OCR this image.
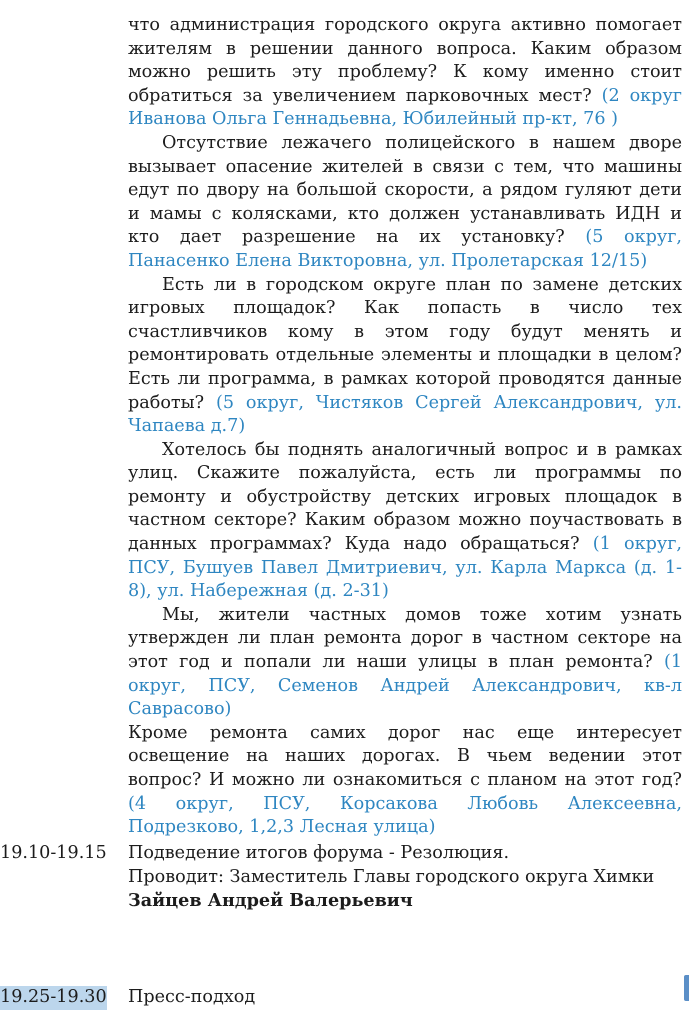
что администрация городского округа активно помогает жителям в решении данного вопроса. Каким образом можно решить эту проблему? К кому именно стоит обратиться за увеличением парковочных мест? (2 округ Иванова Ольга Геннадьевна, Юбилейный пр-кт, 76 )

Отсутствие лежачего полицейского в нашем дворе вызывает опасение жителей в связи с тем, что машины едут по двору на большой скорости, а рядом гуляют дети и мамы с колясками, кто должен устанавливать ИДН и кто дает разрешение на их установку? (5 округ, Панасенко Елена Викторовна, ул. Пролетарская 12/15)

Есть ли в городском округе план по замене детских игровых площадок? Как попасть в число тех счастливчиков кому в этом году будут менять и ремонтировать отдельные элементы и площадки в целом? Есть ли программа, в рамках которой проводятся данные работы? (5 округ, Чистяков Сергей Александрович, ул. Чапаева д.7)

Хотелось бы поднять аналогичный вопрос и в рамках улиц. Скажите пожалуйста, есть ли программы по ремонту и обустройству детских игровых площадок в частном секторе? Каким образом можно поучаствовать в данных программах? Куда надо обращаться? (1 округ, ПСУ, Бушуев Павел Дмитриевич, ул. Карла Маркса (д. 1-8), ул. Набережная (д. 2-31)

Мы, жители частных домов тоже хотим узнать утвержден ли план ремонта дорог в частном секторе на этот год и попали ли наши улицы в план ремонта? (1 округ, ПСУ, Семенов Андрей Александрович, кв-л Саврасово)

Кроме ремонта самих дорог нас еще интересует освещение на наших дорогах. В чьем ведении этот вопрос? И можно ли ознакомиться с планом на этот год? (4 округ, ПСУ, Корсакова Любовь Алексеевна, Подрезково, 1,2,3 Лесная улица)

19.10-19.15 Подведение итогов форума - Резолюция.

Проводит: Заместитель Главы городского округа Химки

Зайцев Андрей Валерьевич

19.25-19.30 Пресс-подход
